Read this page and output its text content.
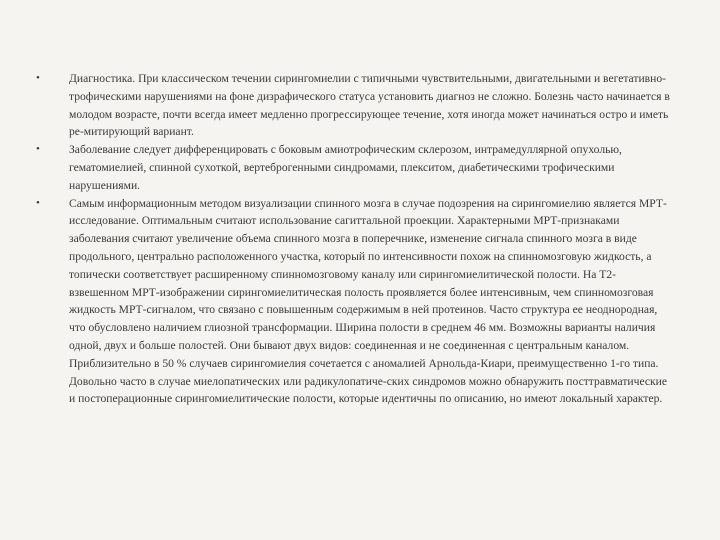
•	Диагностика. При классическом течении сирингомиелии с типичными чувствительными, двигательными и вегетативно-трофическими нарушениями на фоне дизрафического статуса установить диагноз не сложно. Болезнь часто начинается в молодом возрасте, почти всегда имеет медленно прогрессирующее течение, хотя иногда может начинаться остро и иметь ре-митирующий вариант.
•	Заболевание следует дифференцировать с боковым амиотрофическим склерозом, интрамедуллярной опухолью, гематомиелией, спинной сухоткой, вертеброгенными синдромами, плекситом, диабетическими трофическими нарушениями.
•	Самым информационным методом визуализации спинного мозга в случае подозрения на сирингомиелию является МРТ-исследование. Оптимальным считают использование сагиттальной проекции. Характерными МРТ-признаками заболевания считают увеличение объема спинного мозга в поперечнике, изменение сигнала спинного мозга в виде продольного, центрально расположенного участка, который по интенсивности похож на спинномозговую жидкость, а топически соответствует расширенному спинномозговому каналу или сирингомиелитической полости. На Т2-взвешенном МРТ-изображении сирингомиелитическая полость проявляется более интенсивным, чем спинномозговая жидкость МРТ-сигналом, что связано с повышенным содержимым в ней протеинов. Часто структура ее неоднородная, что обусловлено наличием глиозной трансформации. Ширина полости в среднем 46 мм. Возможны варианты наличия одной, двух и больше полостей. Они бывают двух видов: соединенная и не соединенная с центральным каналом. Приблизительно в 50 % случаев сирингомиелия сочетается с аномалией Арнольда-Киари, преимущественно 1-го типа. Довольно часто в случае миелопатических или радикулопатиче-ских синдромов можно обнаружить посттравматические и постоперационные сирингомиелитические полости, которые идентичны по описанию, но имеют локальный характер.
